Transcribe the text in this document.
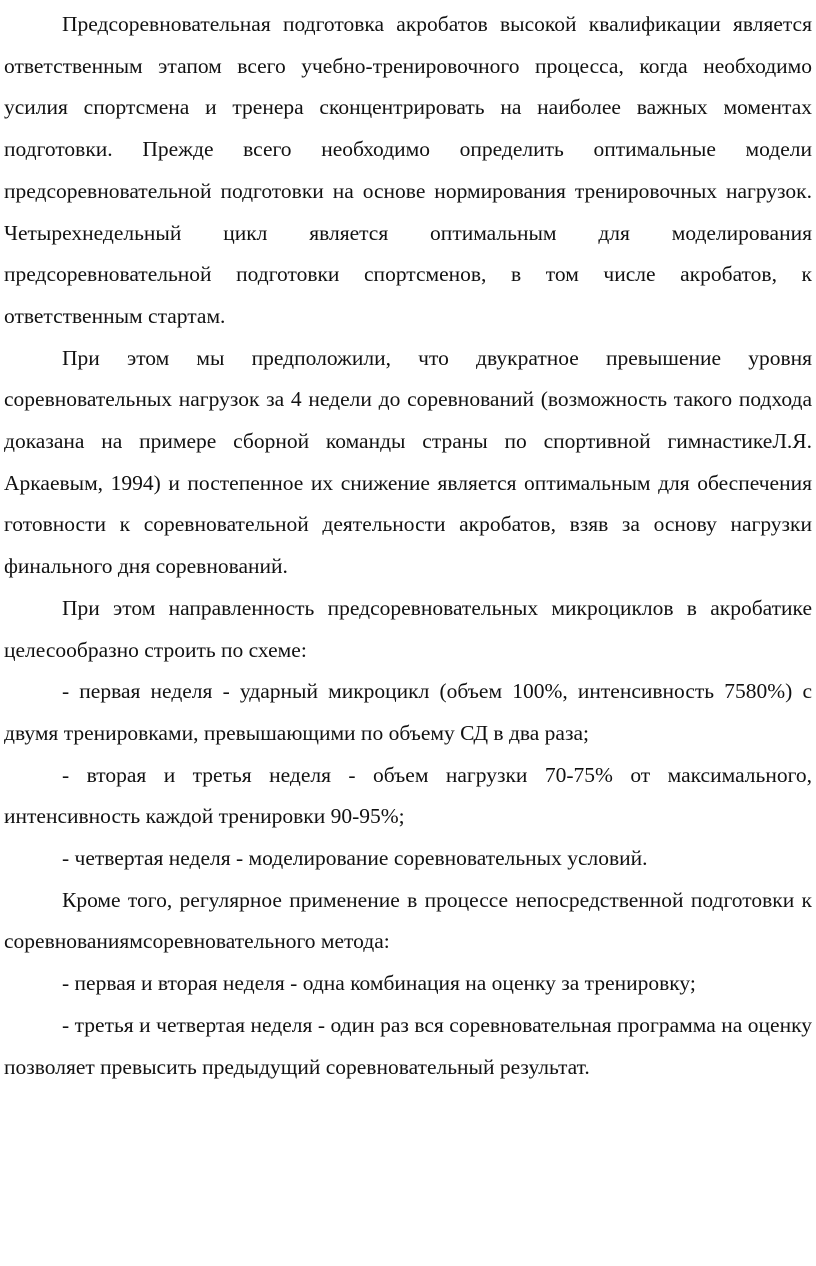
Предсоревновательная подготовка акробатов высокой квалификации является ответственным этапом всего учебно-тренировочного процесса, когда необходимо усилия спортсмена и тренера сконцентрировать на наиболее важных моментах подготовки. Прежде всего необходимо определить оптимальные модели предсоревновательной подготовки на основе нормирования тренировочных нагрузок. Четырехнедельный цикл является оптимальным для моделирования предсоревновательной подготовки спортсменов, в том числе акробатов, к ответственным стартам.

При этом мы предположили, что двукратное превышение уровня соревновательных нагрузок за 4 недели до соревнований (возможность такого подхода доказана на примере сборной команды страны по спортивной гимнастикеЛ.Я. Аркаевым, 1994) и постепенное их снижение является оптимальным для обеспечения готовности к соревновательной деятельности акробатов, взяв за основу нагрузки финального дня соревнований.

При этом направленность предсоревновательных микроциклов в акробатике целесообразно строить по схеме:

- первая неделя - ударный микроцикл (объем 100%, интенсивность 7580%) с двумя тренировками, превышающими по объему СД в два раза;

- вторая и третья неделя - объем нагрузки 70-75% от максимального, интенсивность каждой тренировки 90-95%;

- четвертая неделя - моделирование соревновательных условий.

Кроме того, регулярное применение в процессе непосредственной подготовки к соревнованиямсоревновательного метода:

- первая и вторая неделя - одна комбинация на оценку за тренировку;

- третья и четвертая неделя - один раз вся соревновательная программа на оценку позволяет превысить предыдущий соревновательный результат.
